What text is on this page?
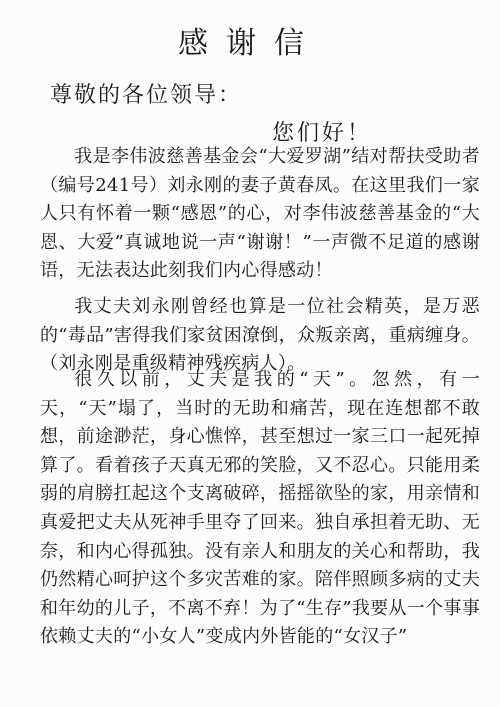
感谢信
尊敬的各位领导：
您们好！

我是李伟波慈善基金会“大爱罗湖”结对帮扶受助者（编号241号）刘永刚的妻子黄春凤。在这里我们一家人只有怀着一颗“感恩”的心，对李伟波慈善基金的“大恩、大爱”真诚地说一声“谢谢！”一声微不足道的感谢语，无法表达此刻我们内心得感动！

我丈夫刘永刚曾经也算是一位社会精英，是万恶的“毒品”害得我们家贫困潦倒，众叛亲离，重病缠身。（刘永刚是重级精神残疾病人）。

很久以前，丈夫是我的“天”。忽然，有一天，“天”塌了，当时的无助和痛苦，现在连想都不敢想，前途渺茫，身心憔悴，甚至想过一家三口一起死掉算了。看着孩子天真无邪的笑脸，又不忍心。只能用柔弱的肩膀扛起这个支离破碎，摇摇欲坠的家，用亲情和真爱把丈夫从死神手里夺了回来。独自承担着无助、无奈，和内心得孤独。没有亲人和朋友的关心和帮助，我仍然精心呵护这个多灾苦难的家。陪伴照顾多病的丈夫和年幼的儿子，不离不弃！为了“生存”我要从一个事事依赖丈夫的“小女人”变成内外皆能的“女汉子”
